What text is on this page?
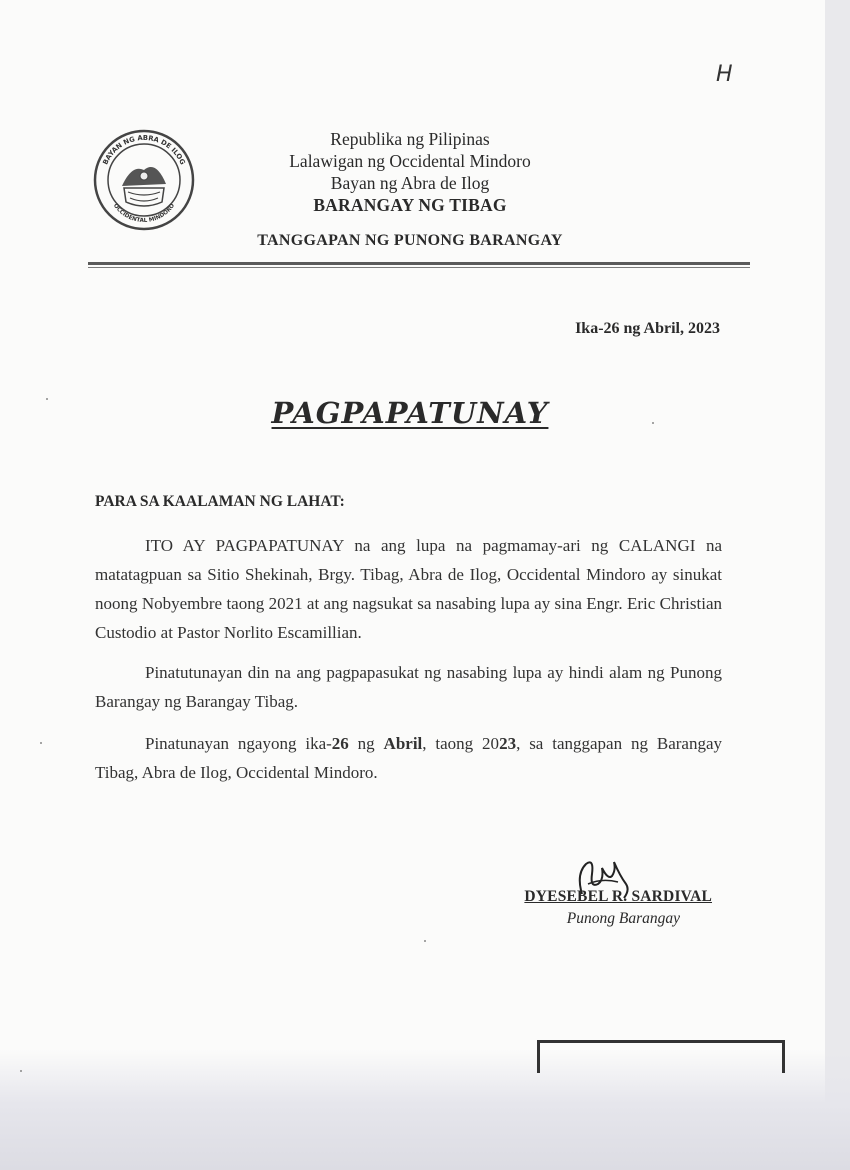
H
BAYAN NG ABRA DE ILOG
OCCIDENTAL MINDORO
Republika ng Pilipinas
Lalawigan ng Occidental Mindoro
Bayan ng Abra de Ilog
BARANGAY NG TIBAG
TANGGAPAN NG PUNONG BARANGAY
Ika-26 ng Abril, 2023
PAGPAPATUNAY
PARA SA KAALAMAN NG LAHAT:

ITO AY PAGPAPATUNAY na ang lupa na pagmamay-ari ng CALANGI na matatagpuan sa Sitio Shekinah, Brgy. Tibag, Abra de Ilog, Occidental Mindoro ay sinukat noong Nobyembre taong 2021 at ang nagsukat sa nasabing lupa ay sina Engr. Eric Christian Custodio at Pastor Norlito Escamillian.

Pinatutunayan din na ang pagpapasukat ng nasabing lupa ay hindi alam ng Punong Barangay ng Barangay Tibag.

Pinatunayan ngayong ika-26 ng Abril, taong 2023, sa tanggapan ng Barangay Tibag, Abra de Ilog, Occidental Mindoro.

DYESEBEL R. SARDIVAL
Punong Barangay
